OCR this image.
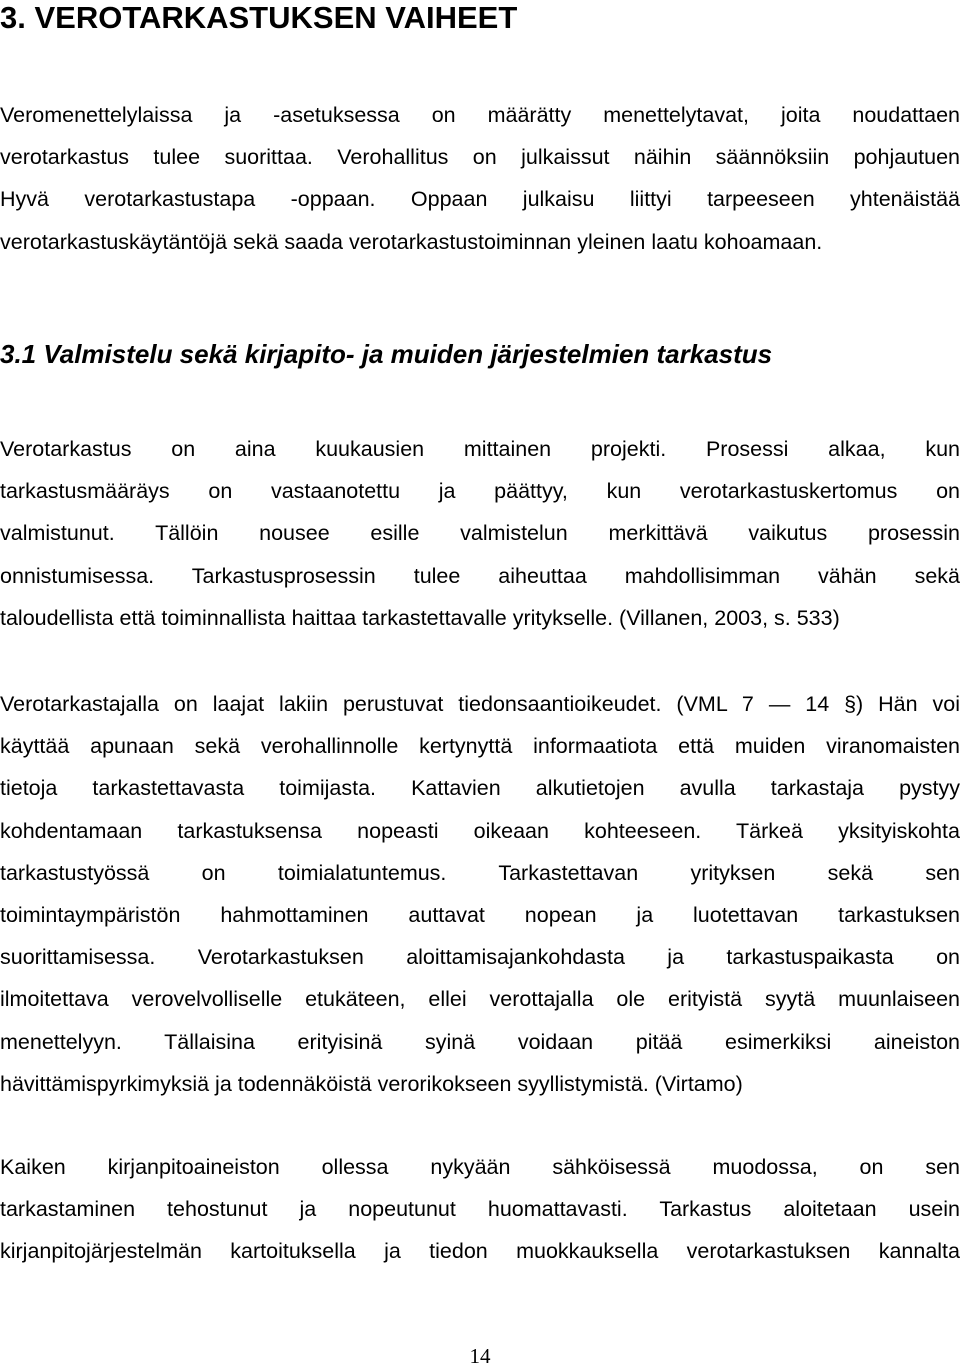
3. VEROTARKASTUKSEN VAIHEET

Veromenettelylaissa ja -asetuksessa on määrätty menettelytavat, joita noudattaen
verotarkastus tulee suorittaa. Verohallitus on julkaissut näihin säännöksiin pohjautuen
Hyvä verotarkastustapa -oppaan. Oppaan julkaisu liittyi tarpeeseen yhtenäistää
verotarkastuskäytäntöjä sekä saada verotarkastustoiminnan yleinen laatu kohoamaan.

3.1 Valmistelu sekä kirjapito- ja muiden järjestelmien tarkastus

Verotarkastus on aina kuukausien mittainen projekti. Prosessi alkaa, kun
tarkastusmääräys on vastaanotettu ja päättyy, kun verotarkastuskertomus on
valmistunut. Tällöin nousee esille valmistelun merkittävä vaikutus prosessin
onnistumisessa. Tarkastusprosessin tulee aiheuttaa mahdollisimman vähän sekä
taloudellista että toiminnallista haittaa tarkastettavalle yritykselle. (Villanen, 2003, s. 533)

Verotarkastajalla on laajat lakiin perustuvat tiedonsaantioikeudet. (VML 7 — 14 §) Hän voi
käyttää apunaan sekä verohallinnolle kertynyttä informaatiota että muiden viranomaisten
tietoja tarkastettavasta toimijasta. Kattavien alkutietojen avulla tarkastaja pystyy
kohdentamaan tarkastuksensa nopeasti oikeaan kohteeseen. Tärkeä yksityiskohta
tarkastustyössä on toimialatuntemus. Tarkastettavan yrityksen sekä sen
toimintaympäristön hahmottaminen auttavat nopean ja luotettavan tarkastuksen
suorittamisessa. Verotarkastuksen aloittamisajankohdasta ja tarkastuspaikasta on
ilmoitettava verovelvolliselle etukäteen, ellei verottajalla ole erityistä syytä muunlaiseen
menettelyyn. Tällaisina erityisinä syinä voidaan pitää esimerkiksi aineiston
hävittämispyrkimyksiä ja todennäköistä verorikokseen syyllistymistä. (Virtamo)

Kaiken kirjanpitoaineiston ollessa nykyään sähköisessä muodossa, on sen
tarkastaminen tehostunut ja nopeutunut huomattavasti. Tarkastus aloitetaan usein
kirjanpitojärjestelmän kartoituksella ja tiedon muokkauksella verotarkastuksen kannalta

14
